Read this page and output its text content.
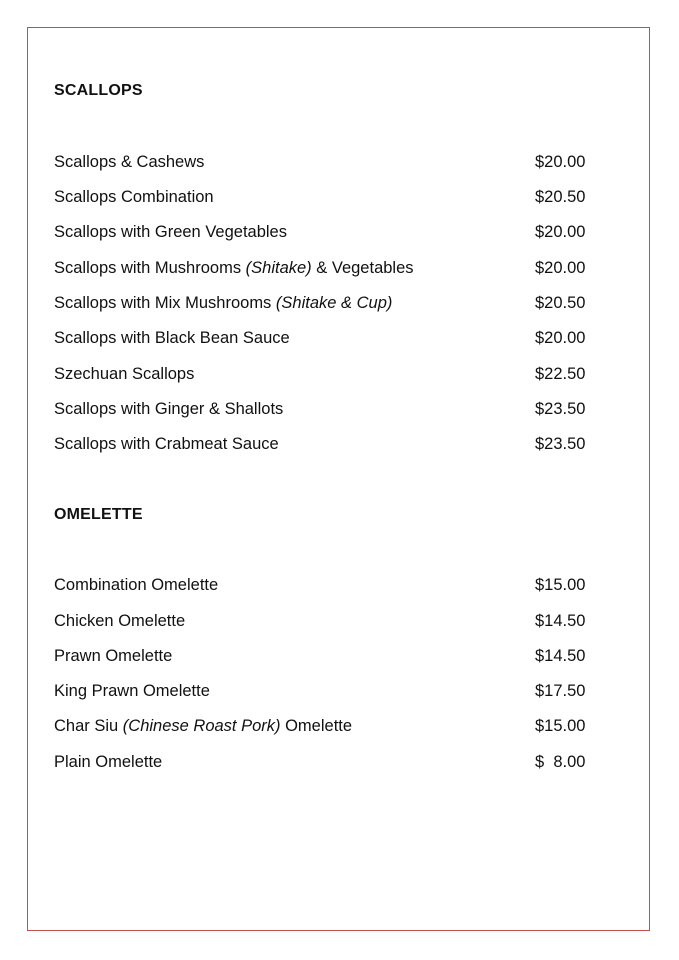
SCALLOPS
Scallops & Cashews	$20.00
Scallops Combination	$20.50
Scallops with Green Vegetables	$20.00
Scallops with Mushrooms (Shitake) & Vegetables	$20.00
Scallops with Mix Mushrooms (Shitake & Cup)	$20.50
Scallops with Black Bean Sauce	$20.00
Szechuan Scallops	$22.50
Scallops with Ginger & Shallots	$23.50
Scallops with Crabmeat Sauce	$23.50
OMELETTE
Combination Omelette	$15.00
Chicken Omelette	$14.50
Prawn Omelette	$14.50
King Prawn Omelette	$17.50
Char Siu (Chinese Roast Pork) Omelette	$15.00
Plain Omelette	$  8.00
